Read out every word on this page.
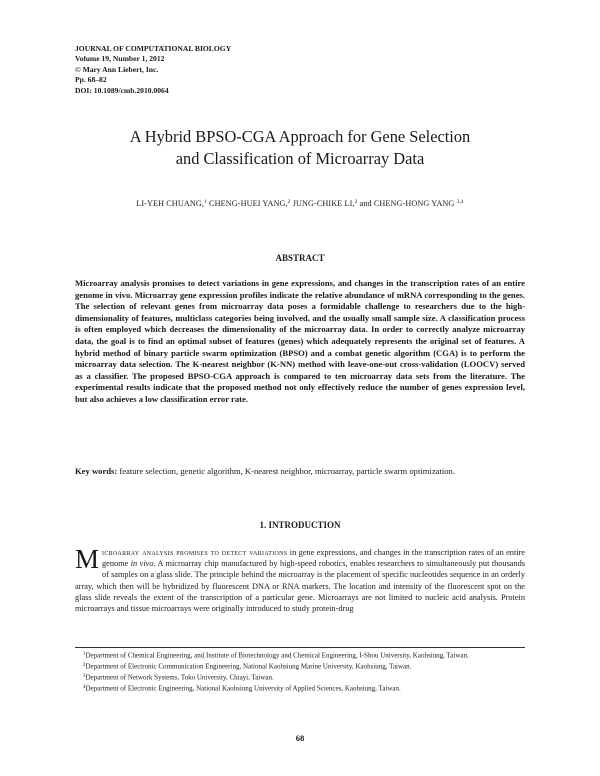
JOURNAL OF COMPUTATIONAL BIOLOGY
Volume 19, Number 1, 2012
© Mary Ann Liebert, Inc.
Pp. 68–82
DOI: 10.1089/cmb.2010.0064
A Hybrid BPSO-CGA Approach for Gene Selection
and Classification of Microarray Data
LI-YEH CHUANG,$^1$ CHENG-HUEI YANG,$^2$ JUNG-CHIKE LI,$^2$ and CHENG-HONG YANG $^{3,4}$
ABSTRACT
Microarray analysis promises to detect variations in gene expressions, and changes in the transcription rates of an entire genome in vivo. Microarray gene expression profiles indicate the relative abundance of mRNA corresponding to the genes. The selection of relevant genes from microarray data poses a formidable challenge to researchers due to the high-dimensionality of features, multiclass categories being involved, and the usually small sample size. A classification process is often employed which decreases the dimensionality of the microarray data. In order to correctly analyze microarray data, the goal is to find an optimal subset of features (genes) which adequately represents the original set of features. A hybrid method of binary particle swarm optimization (BPSO) and a combat genetic algorithm (CGA) is to perform the microarray data selection. The K-nearest neighbor (K-NN) method with leave-one-out cross-validation (LOOCV) served as a classifier. The proposed BPSO-CGA approach is compared to ten microarray data sets from the literature. The experimental results indicate that the proposed method not only effectively reduce the number of genes expression level, but also achieves a low classification error rate.
Key words: feature selection, genetic algorithm, K-nearest neighbor, microarray, particle swarm optimization.
1. INTRODUCTION
Microarray analysis promises to detect variations in gene expressions, and changes in the transcription rates of an entire genome in vivo. A microarray chip manufactured by high-speed robotics, enables researchers to simultaneously put thousands of samples on a glass slide. The principle behind the microarray is the placement of specific nucleotides sequence in an orderly array, which then will be hybridized by fluorescent DNA or RNA markers. The location and intensity of the fluorescent spot on the glass slide reveals the extent of the transcription of a particular gene. Microarrays are not limited to nucleic acid analysis. Protein microarrays and tissue microarrays were originally introduced to study protein-drug
$^1$Department of Chemical Engineering, and Institute of Biotechnology and Chemical Engineering, I-Shou University, Kaohsiung, Taiwan.
$^2$Department of Electronic Communication Engineering, National Kaohsiung Marine University, Kaohsiung, Taiwan.
$^3$Department of Network Systems, Toko University, Chiayi, Taiwan.
$^4$Department of Electronic Engineering, National Kaohsiung University of Applied Sciences, Kaohsiung, Taiwan.
68
